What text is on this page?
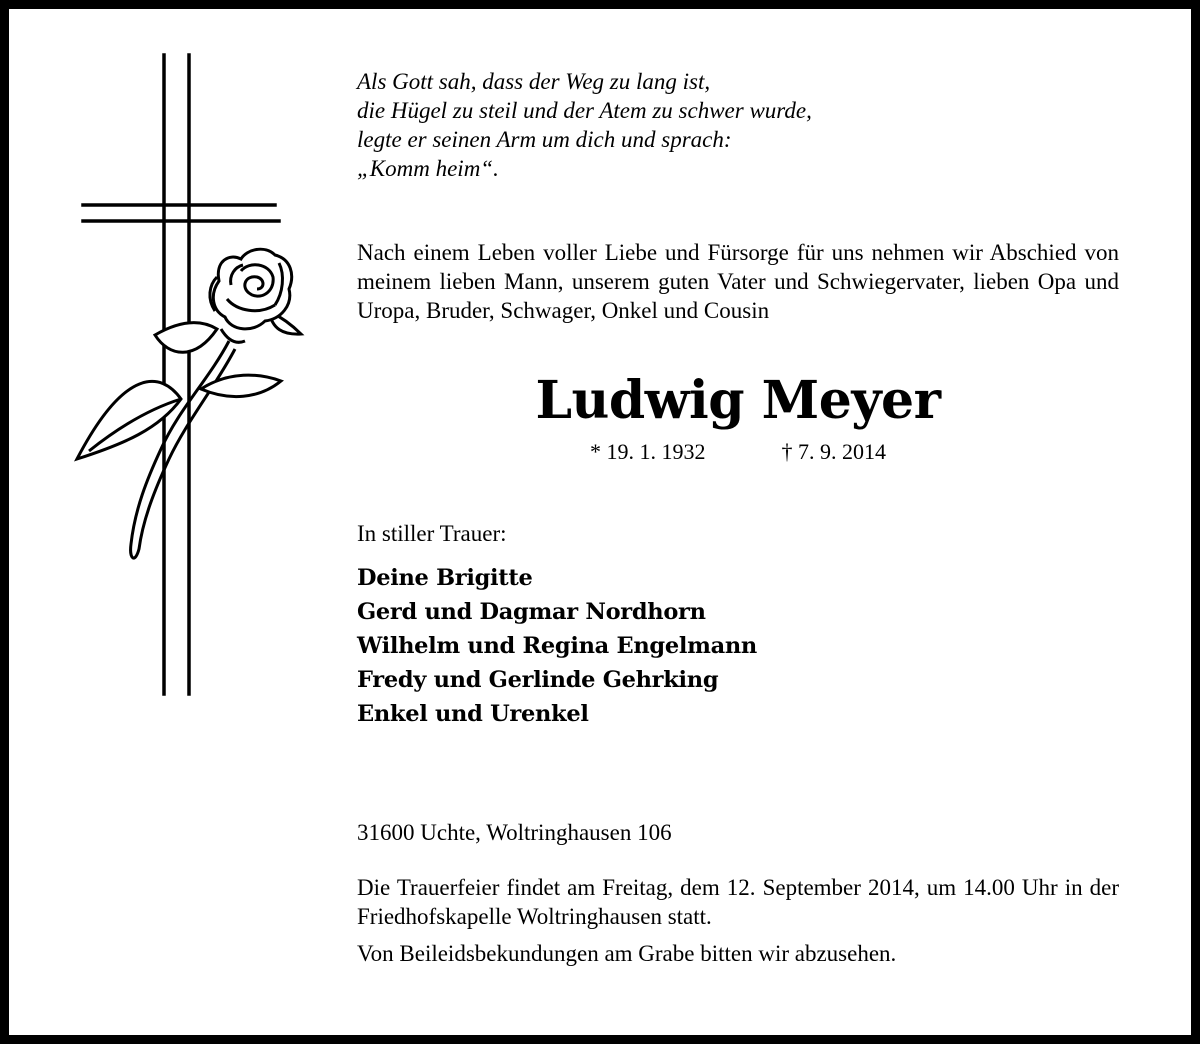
Als Gott sah, dass der Weg zu lang ist,
die Hügel zu steil und der Atem zu schwer wurde,
legte er seinen Arm um dich und sprach:
„Komm heim“.
Nach einem Leben voller Liebe und Fürsorge für uns nehmen wir Abschied von meinem lieben Mann, unserem guten Vater und Schwiegervater, lieben Opa und Uropa, Bruder, Schwager, Onkel und Cousin
Ludwig Meyer
* 19. 1. 1932	† 7. 9. 2014
In stiller Trauer:
Deine Brigitte
Gerd und Dagmar Nordhorn
Wilhelm und Regina Engelmann
Fredy und Gerlinde Gehrking
Enkel und Urenkel
31600 Uchte, Woltringhausen 106
Die Trauerfeier findet am Freitag, dem 12. September 2014, um 14.00 Uhr in der Friedhofskapelle Woltringhausen statt.
Von Beileidsbekundungen am Grabe bitten wir abzusehen.
